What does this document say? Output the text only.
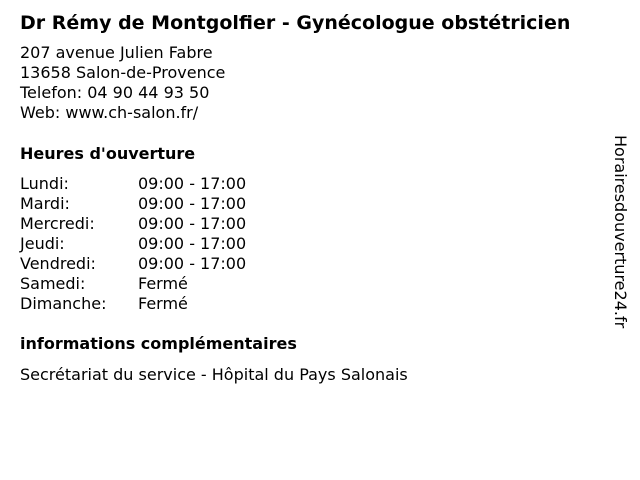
Dr Rémy de Montgolfier - Gynécologue obstétricien
207 avenue Julien Fabre
13658 Salon-de-Provence
Telefon: 04 90 44 93 50
Web: www.ch-salon.fr/
Heures d'ouverture
Lundi:	09:00 - 17:00
Mardi:	09:00 - 17:00
Mercredi:	09:00 - 17:00
Jeudi:	09:00 - 17:00
Vendredi:	09:00 - 17:00
Samedi:	Fermé
Dimanche:	Fermé
informations complémentaires
Secrétariat du service - Hôpital du Pays Salonais
Horairesdouverture24.fr
